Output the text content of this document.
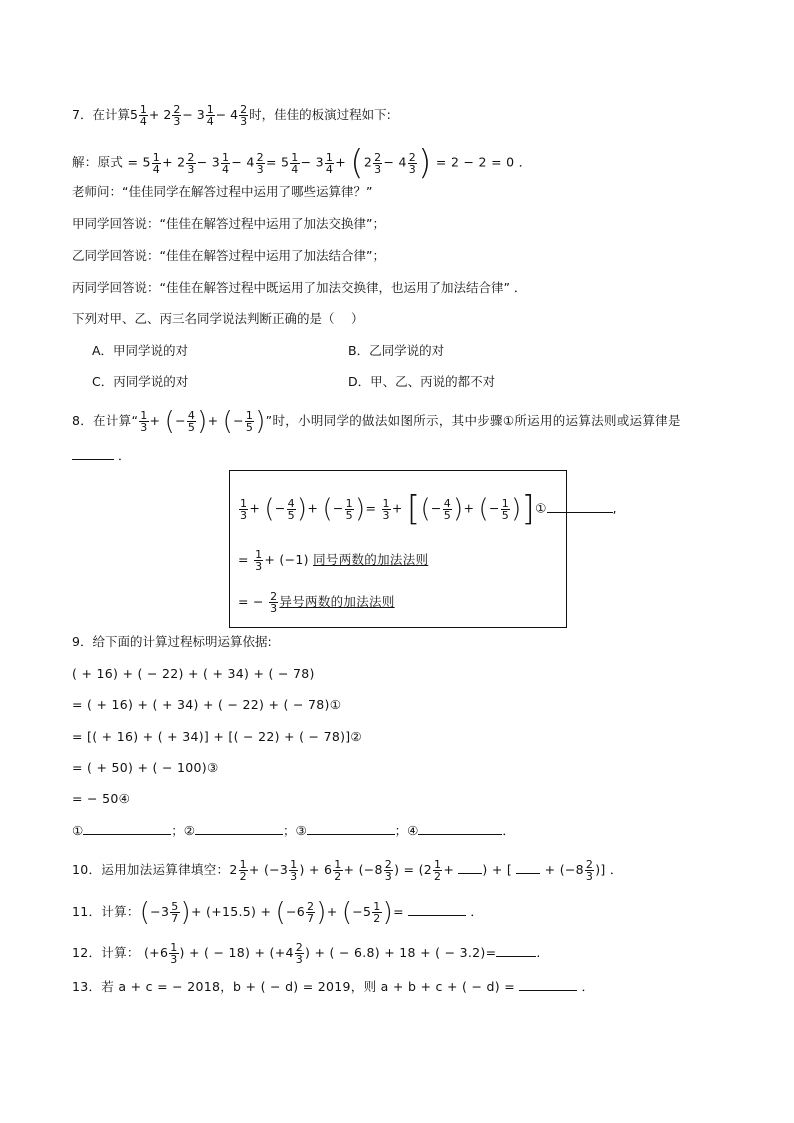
7．在计算$5 \frac{1}{4} + 2 \frac{2}{3} - 3 \frac{1}{4} - 4 \frac{2}{3}$ 时，佳佳的板演过程如下:
解：原式 = $5 \frac{1}{4} + 2 \frac{2}{3} - 3 \frac{1}{4} - 4 \frac{2}{3} = 5 \frac{1}{4} - 3 \frac{1}{4} + (2 \frac{2}{3} - 4 \frac{2}{3}$ ) = 2 − 2 = 0 ．
老师问：“佳佳同学在解答过程中运用了哪些运算律？”
甲同学回答说：“佳佳在解答过程中运用了加法交换律”；
乙同学回答说：“佳佳在解答过程中运用了加法结合律”；
丙同学回答说：“佳佳在解答过程中既运用了加法交换律，也运用了加法结合律” ．
下列对甲、乙、丙三名同学说法判断正确的是（　 ）
A．甲同学说的对	B．乙同学说的对
C．丙同学说的对	D．甲、乙、丙说的都不对
8．在计算“ $\frac{1}{3}$ + (− $\frac{4}{5}$ )+ (− $\frac{1}{5}$ )”时，小明同学的做法如图所示，其中步骤①所运用的运算法则或运算律是
．
$\frac{1}{3}$ + (− $\frac{4}{5}$ )+ (− $\frac{1}{5}$ )= $\frac{1}{3}$ + [(− $\frac{4}{5}$ )+ (− $\frac{1}{5}$ )]①	,
= $\frac{1}{3} + (-1)$ 同号两数的加法法则
= − $\frac{2}{3}$ 异号两数的加法法则
9．给下面的计算过程标明运算依据:
( + 16) + ( − 22) + ( + 34) + ( − 78)
= ( + 16) + ( + 34) + ( − 22) + ( − 78)①
= [( + 16) + ( + 34)] + [( − 22) + ( − 78)]②
= ( + 50) + ( − 100)③
= − 50④
①	；②	；③	；④	．
10．运用加法运算律填空：$2 \frac{1}{2} + (-3 \frac{1}{3}$ ) + $6 \frac{1}{2} + (-8 \frac{2}{3}$ ) = ($2 \frac{1}{2}$ + ) + [  + ($-8 \frac{2}{3}$ )] ．
11．计算：($-3 \frac{5}{7}$ )+ $(+15.5) + (-6 \frac{2}{7}$ )+ ($-5 \frac{1}{2}$ )=	．
12．计算： ($+6 \frac{1}{3}$ ) + ( − $18) + (+4 \frac{2}{3}$ ) + ( − 6.8) + 18 + ( − 3.2)=	.
13．若 a + c = − 2018，b + ( − d) = 2019，则 a + b + c + ( − d) =	．
